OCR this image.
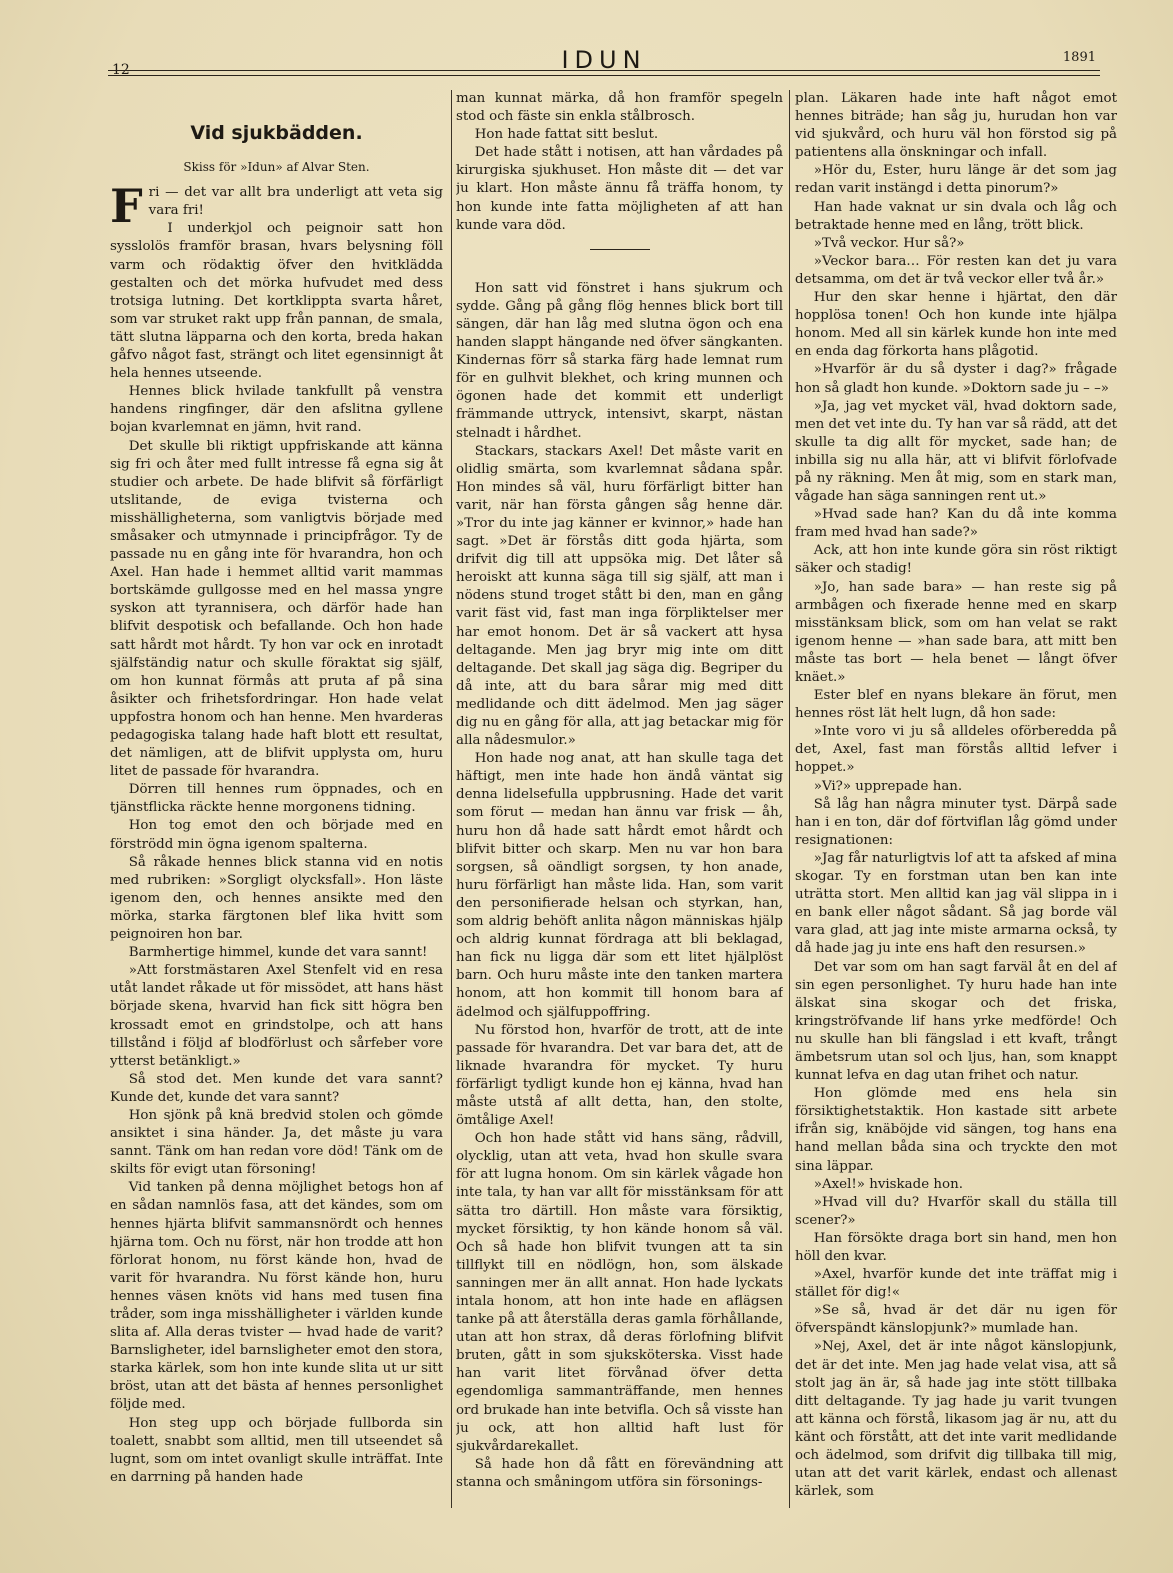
12	IDUN	1891
Vid sjukbädden.
Skiss för »Idun» af Alvar Sten.

Fri — det var allt bra underligt att veta sig vara fri!

I underkjol och peignoir satt hon sysslolös framför brasan, hvars belysning föll varm och rödaktig öfver den hvitklädda gestalten och det mörka hufvudet med dess trotsiga lutning. Det kortklippta svarta håret, som var struket rakt upp från pannan, de smala, tätt slutna läpparna och den korta, breda hakan gåfvo något fast, strängt och litet egensinnigt åt hela hennes utseende.

Hennes blick hvilade tankfullt på venstra handens ringfinger, där den afslitna gyllene bojan kvarlemnat en jämn, hvit rand.

Det skulle bli riktigt uppfriskande att känna sig fri och åter med fullt intresse få egna sig åt studier och arbete. De hade blifvit så förfärligt utslitande, de eviga tvisterna och misshälligheterna, som vanligtvis började med småsaker och utmynnade i principfrågor. Ty de passade nu en gång inte för hvarandra, hon och Axel. Han hade i hemmet alltid varit mammas bortskämde gullgosse med en hel massa yngre syskon att tyrannisera, och därför hade han blifvit despotisk och befallande. Och hon hade satt hårdt mot hårdt. Ty hon var ock en inrotadt själfständig natur och skulle föraktat sig själf, om hon kunnat förmås att pruta af på sina åsikter och frihetsfordringar. Hon hade velat uppfostra honom och han henne. Men hvarderas pedagogiska talang hade haft blott ett resultat, det nämligen, att de blifvit upplysta om, huru litet de passade för hvarandra.

Dörren till hennes rum öppnades, och en tjänstflicka räckte henne morgonens tidning.

Hon tog emot den och började med en förströdd min ögna igenom spalterna.

Så råkade hennes blick stanna vid en notis med rubriken: »Sorgligt olycksfall». Hon läste igenom den, och hennes ansikte med den mörka, starka färgtonen blef lika hvitt som peignoiren hon bar.

Barmhertige himmel, kunde det vara sannt!

»Att forstmästaren Axel Stenfelt vid en resa utåt landet råkade ut för missödet, att hans häst började skena, hvarvid han fick sitt högra ben krossadt emot en grindstolpe, och att hans tillstånd i följd af blodförlust och sårfeber vore ytterst betänkligt.»

Så stod det. Men kunde det vara sannt? Kunde det, kunde det vara sannt?

Hon sjönk på knä bredvid stolen och gömde ansiktet i sina händer. Ja, det måste ju vara sannt. Tänk om han redan vore död! Tänk om de skilts för evigt utan försoning!

Vid tanken på denna möjlighet betogs hon af en sådan namnlös fasa, att det kändes, som om hennes hjärta blifvit sammansnördt och hennes hjärna tom. Och nu först, när hon trodde att hon förlorat honom, nu först kände hon, hvad de varit för hvarandra. Nu först kände hon, huru hennes väsen knöts vid hans med tusen fina tråder, som inga misshälligheter i världen kunde slita af. Alla deras tvister — hvad hade de varit? Barnsligheter, idel barnsligheter emot den stora, starka kärlek, som hon inte kunde slita ut ur sitt bröst, utan att det bästa af hennes personlighet följde med.

Hon steg upp och började fullborda sin toalett, snabbt som alltid, men till utseendet så lugnt, som om intet ovanligt skulle inträffat. Inte en darrning på handen hade

man kunnat märka, då hon framför spegeln stod och fäste sin enkla stålbrosch.

Hon hade fattat sitt beslut.

Det hade stått i notisen, att han vårdades på kirurgiska sjukhuset. Hon måste dit — det var ju klart. Hon måste ännu få träffa honom, ty hon kunde inte fatta möjligheten af att han kunde vara död.

Hon satt vid fönstret i hans sjukrum och sydde. Gång på gång flög hennes blick bort till sängen, där han låg med slutna ögon och ena handen slappt hängande ned öfver sängkanten. Kindernas förr så starka färg hade lemnat rum för en gulhvit blekhet, och kring munnen och ögonen hade det kommit ett underligt främmande uttryck, intensivt, skarpt, nästan stelnadt i hårdhet.

Stackars, stackars Axel! Det måste varit en olidlig smärta, som kvarlemnat sådana spår. Hon mindes så väl, huru förfärligt bitter han varit, när han första gången såg henne där. »Tror du inte jag känner er kvinnor,» hade han sagt. »Det är förstås ditt goda hjärta, som drifvit dig till att uppsöka mig. Det låter så heroiskt att kunna säga till sig själf, att man i nödens stund troget stått bi den, man en gång varit fäst vid, fast man inga förpliktelser mer har emot honom. Det är så vackert att hysa deltagande. Men jag bryr mig inte om ditt deltagande. Det skall jag säga dig. Begriper du då inte, att du bara sårar mig med ditt medlidande och ditt ädelmod. Men jag säger dig nu en gång för alla, att jag betackar mig för alla nådesmulor.»

Hon hade nog anat, att han skulle taga det häftigt, men inte hade hon ändå väntat sig denna lidelsefulla uppbrusning. Hade det varit som förut — medan han ännu var frisk — åh, huru hon då hade satt hårdt emot hårdt och blifvit bitter och skarp. Men nu var hon bara sorgsen, så oändligt sorgsen, ty hon anade, huru förfärligt han måste lida. Han, som varit den personifierade helsan och styrkan, han, som aldrig behöft anlita någon människas hjälp och aldrig kunnat fördraga att bli beklagad, han fick nu ligga där som ett litet hjälplöst barn. Och huru måste inte den tanken martera honom, att hon kommit till honom bara af ädelmod och själfuppoffring.

Nu förstod hon, hvarför de trott, att de inte passade för hvarandra. Det var bara det, att de liknade hvarandra för mycket. Ty huru förfärligt tydligt kunde hon ej känna, hvad han måste utstå af allt detta, han, den stolte, ömtålige Axel!

Och hon hade stått vid hans säng, rådvill, olycklig, utan att veta, hvad hon skulle svara för att lugna honom. Om sin kärlek vågade hon inte tala, ty han var allt för misstänksam för att sätta tro därtill. Hon måste vara försiktig, mycket försiktig, ty hon kände honom så väl. Och så hade hon blifvit tvungen att ta sin tillflykt till en nödlögn, hon, som älskade sanningen mer än allt annat. Hon hade lyckats intala honom, att hon inte hade en aflägsen tanke på att återställa deras gamla förhållande, utan att hon strax, då deras förlofning blifvit bruten, gått in som sjuksköterska. Visst hade han varit litet förvånad öfver detta egendomliga sammanträffande, men hennes ord brukade han inte betvifla. Och så visste han ju ock, att hon alltid haft lust för sjukvårdarekallet.

Så hade hon då fått en förevändning att stanna och småningom utföra sin försonings-

plan. Läkaren hade inte haft något emot hennes biträde; han såg ju, hurudan hon var vid sjukvård, och huru väl hon förstod sig på patientens alla önskningar och infall.

»Hör du, Ester, huru länge är det som jag redan varit instängd i detta pinorum?»

Han hade vaknat ur sin dvala och låg och betraktade henne med en lång, trött blick.

»Två veckor. Hur så?»

»Veckor bara… För resten kan det ju vara detsamma, om det är två veckor eller två år.»

Hur den skar henne i hjärtat, den där hopplösa tonen! Och hon kunde inte hjälpa honom. Med all sin kärlek kunde hon inte med en enda dag förkorta hans plågotid.

»Hvarför är du så dyster i dag?» frågade hon så gladt hon kunde. »Doktorn sade ju – –»

»Ja, jag vet mycket väl, hvad doktorn sade, men det vet inte du. Ty han var så rädd, att det skulle ta dig allt för mycket, sade han; de inbilla sig nu alla här, att vi blifvit förlofvade på ny räkning. Men åt mig, som en stark man, vågade han säga sanningen rent ut.»

»Hvad sade han? Kan du då inte komma fram med hvad han sade?»

Ack, att hon inte kunde göra sin röst riktigt säker och stadig!

»Jo, han sade bara» — han reste sig på armbågen och fixerade henne med en skarp misstänksam blick, som om han velat se rakt igenom henne — »han sade bara, att mitt ben måste tas bort — hela benet — långt öfver knäet.»

Ester blef en nyans blekare än förut, men hennes röst lät helt lugn, då hon sade:

»Inte voro vi ju så alldeles oförberedda på det, Axel, fast man förstås alltid lefver i hoppet.»

»Vi?» upprepade han.

Så låg han några minuter tyst. Därpå sade han i en ton, där dof förtviflan låg gömd under resignationen:

»Jag får naturligtvis lof att ta afsked af mina skogar. Ty en forstman utan ben kan inte uträtta stort. Men alltid kan jag väl slippa in i en bank eller något sådant. Så jag borde väl vara glad, att jag inte miste armarna också, ty då hade jag ju inte ens haft den resursen.»

Det var som om han sagt farväl åt en del af sin egen personlighet. Ty huru hade han inte älskat sina skogar och det friska, kringströfvande lif hans yrke medförde! Och nu skulle han bli fängslad i ett kvaft, trångt ämbetsrum utan sol och ljus, han, som knappt kunnat lefva en dag utan frihet och natur.

Hon glömde med ens hela sin försiktighetstaktik. Hon kastade sitt arbete ifrån sig, knäböjde vid sängen, tog hans ena hand mellan båda sina och tryckte den mot sina läppar.

»Axel!» hviskade hon.

»Hvad vill du? Hvarför skall du ställa till scener?»

Han försökte draga bort sin hand, men hon höll den kvar.

»Axel, hvarför kunde det inte träffat mig i stället för dig!«

»Se så, hvad är det där nu igen för öfverspändt känslopjunk?» mumlade han.

»Nej, Axel, det är inte något känslopjunk, det är det inte. Men jag hade velat visa, att så stolt jag än är, så hade jag inte stött tillbaka ditt deltagande. Ty jag hade ju varit tvungen att känna och förstå, likasom jag är nu, att du känt och förstått, att det inte varit medlidande och ädelmod, som drifvit dig tillbaka till mig, utan att det varit kärlek, endast och allenast kärlek, som
